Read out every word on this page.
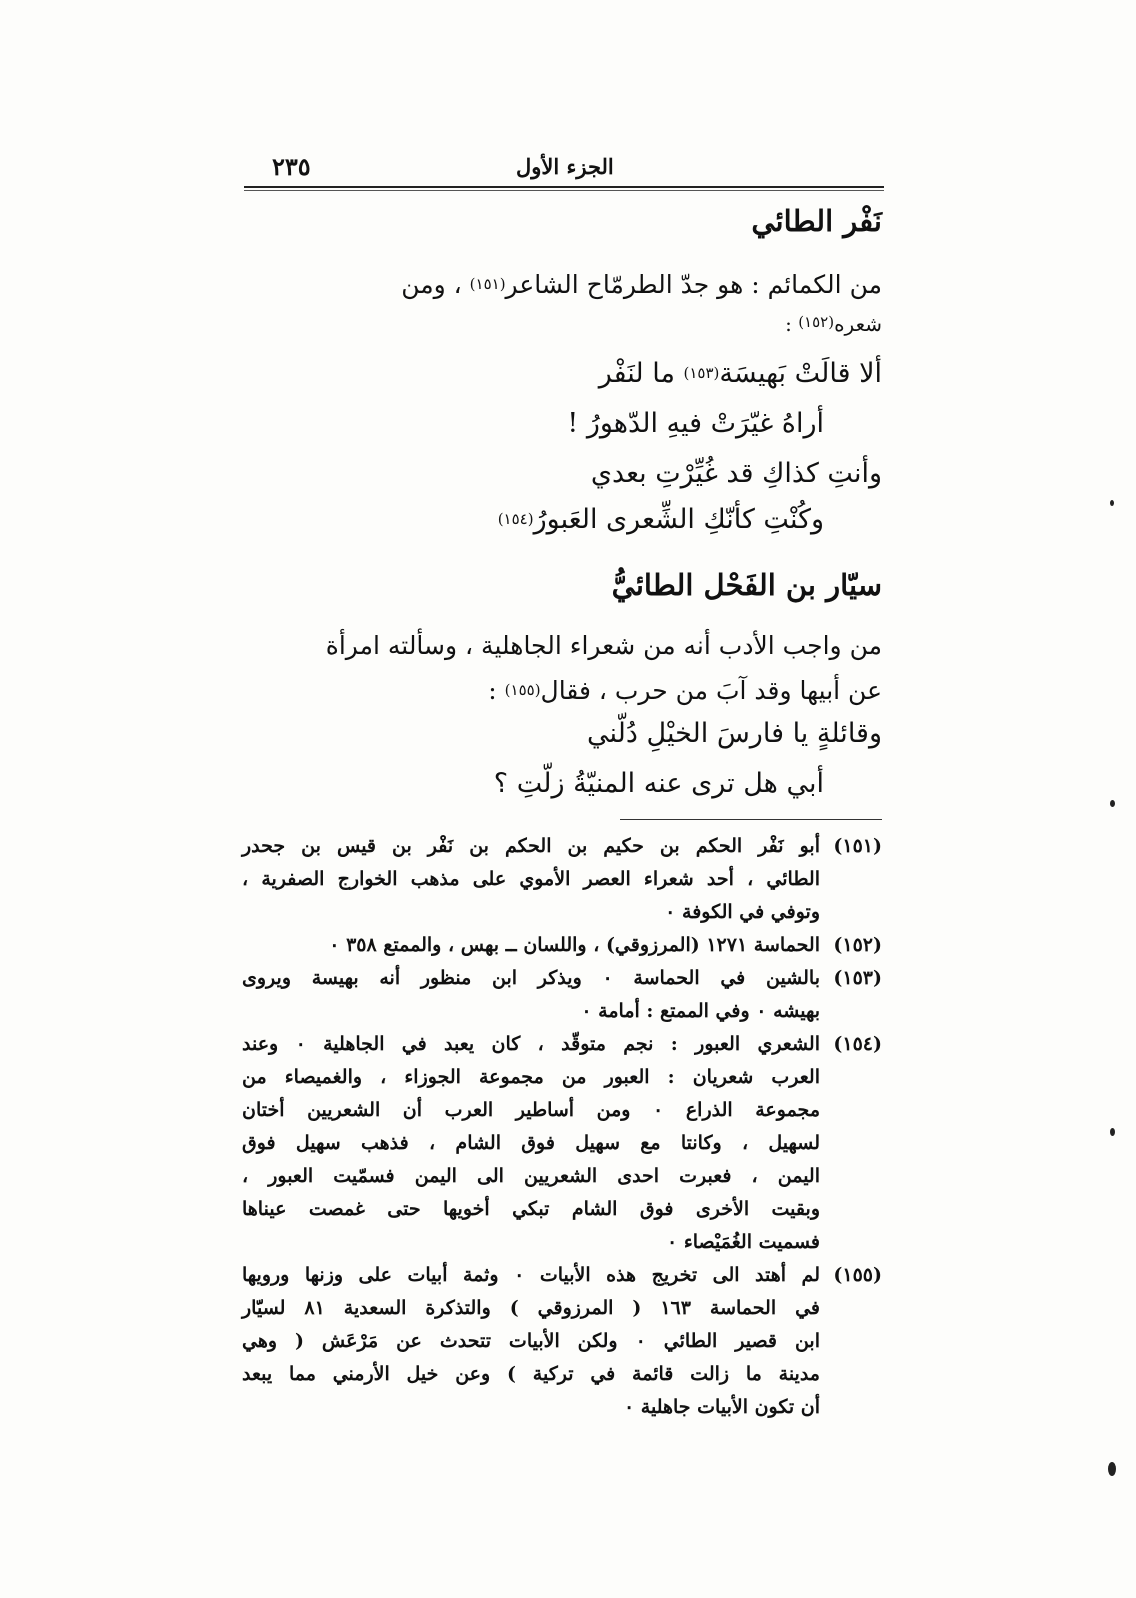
٢٣٥	الجزء الأول
نَفْر الطائي
من الكمائم : هو جدّ الطرمّاح الشاعر$^{(١٥١)}$ ، ومن
شعره$^{(١٥٢)}$ :
ألا قالَتْ بَهيسَة$^{(١٥٣)}$ ما لنَفْر
أراهُ غيّرَتْ فيهِ الدّهورُ !
وأنتِ كذاكِ قد غُيِّرْتِ بعدي
وكُنْتِ كأنّكِ الشِّعرى العَبورُ$^{(١٥٤)}$
سيّار بن الفَحْل الطائيُّ
من واجب الأدب أنه من شعراء الجاهلية ، وسألته امرأة
عن أبيها وقد آبَ من حرب ، فقال$^{(١٥٥)}$ :
وقائلةٍ يا فارسَ الخيْلِ دُلّني
أبي هل ترى عنه المنيّةُ زلّتِ ؟
(١٥١)
أبو نَفْر الحكم بن حكيم بن الحكم بن نَفْر بن قيس بن جحدر
الطائي ، أحد شعراء العصر الأموي على مذهب الخوارج الصفرية ،
وتوفي في الكوفة ٠
(١٥٢)
الحماسة ١٢٧١ (المرزوقي) ، واللسان ــ بهس ، والممتع ٣٥٨ ٠
(١٥٣)
بالشين في الحماسة ٠ ويذكر ابن منظور أنه بهيسة ويروى
بهيشه ٠ وفي الممتع : أمامة ٠
(١٥٤)
الشعري العبور : نجم متوقّد ، كان يعبد في الجاهلية ٠ وعند
العرب شعريان : العبور من مجموعة الجوزاء ، والغميصاء من
مجموعة الذراع ٠ ومن أساطير العرب أن الشعريين أختان
لسهيل ، وكانتا مع سهيل فوق الشام ، فذهب سهيل فوق
اليمن ، فعبرت احدى الشعريين الى اليمن فسمّيت العبور ،
وبقيت الأخرى فوق الشام تبكي أخويها حتى غمصت عيناها
فسميت الغُمَيْصاء ٠
(١٥٥)
لم أهتد الى تخريج هذه الأبيات ٠ وثمة أبيات على وزنها ورويها
في الحماسة ١٦٣ ( المرزوقي ) والتذكرة السعدية ٨١ لسيّار
ابن قصير الطائي ٠ ولكن الأبيات تتحدث عن مَرْعَش ( وهي
مدينة ما زالت قائمة في تركية ) وعن خيل الأرمني مما يبعد
أن تكون الأبيات جاهلية ٠
